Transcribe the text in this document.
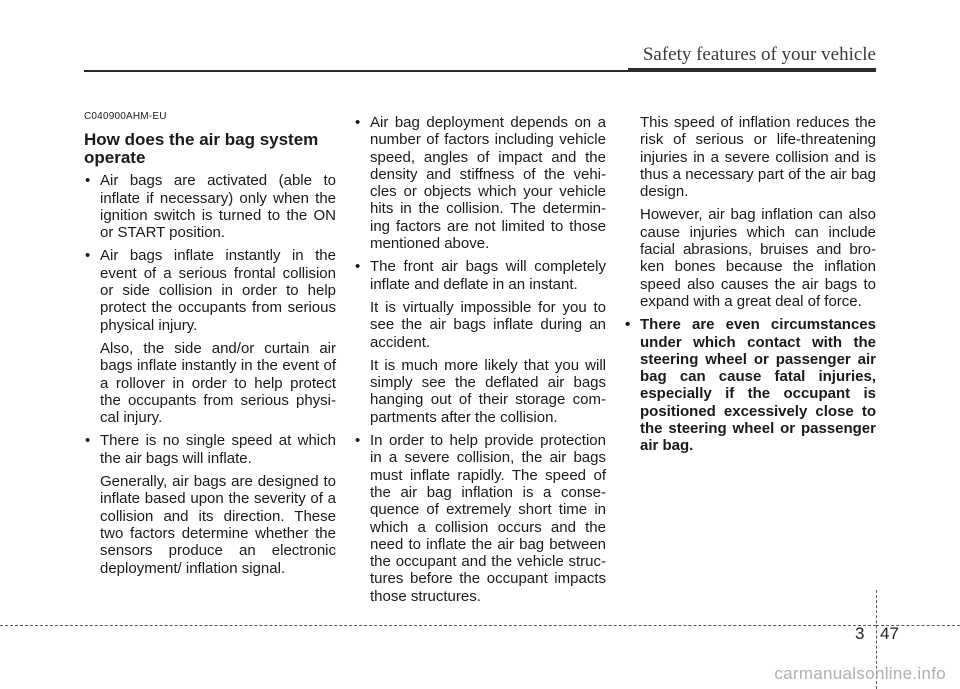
Safety features of your vehicle
C040900AHM-EU
How does the air bag system operate

• Air bags are activated (able to inflate if necessary) only when the ignition switch is turned to the ON or START position.

• Air bags inflate instantly in the event of a serious frontal collision or side collision in order to help protect the occupants from serious physical injury.

Also, the side and/or curtain air bags inflate instantly in the event of a rollover in order to help protect the occupants from serious physi-cal injury.

• There is no single speed at which the air bags will inflate.

Generally, air bags are designed to inflate based upon the severity of a collision and its direction. These two factors determine whether the sensors produce an electronic deployment/ inflation signal.

• Air bag deployment depends on a number of factors including vehicle speed, angles of impact and the density and stiffness of the vehi-cles or objects which your vehicle hits in the collision. The determin-ing factors are not limited to those mentioned above.

• The front air bags will completely inflate and deflate in an instant.

It is virtually impossible for you to see the air bags inflate during an accident.

It is much more likely that you will simply see the deflated air bags hanging out of their storage com-partments after the collision.

• In order to help provide protection in a severe collision, the air bags must inflate rapidly. The speed of the air bag inflation is a conse-quence of extremely short time in which a collision occurs and the need to inflate the air bag between the occupant and the vehicle struc-tures before the occupant impacts those structures.

This speed of inflation reduces the risk of serious or life-threatening injuries in a severe collision and is thus a necessary part of the air bag design.

However, air bag inflation can also cause injuries which can include facial abrasions, bruises and bro-ken bones because the inflation speed also causes the air bags to expand with a great deal of force.

• There are even circumstances under which contact with the steering wheel or passenger air bag can cause fatal injuries, especially if the occupant is positioned excessively close to the steering wheel or passenger air bag.

3 47
carmanualsonline.info
